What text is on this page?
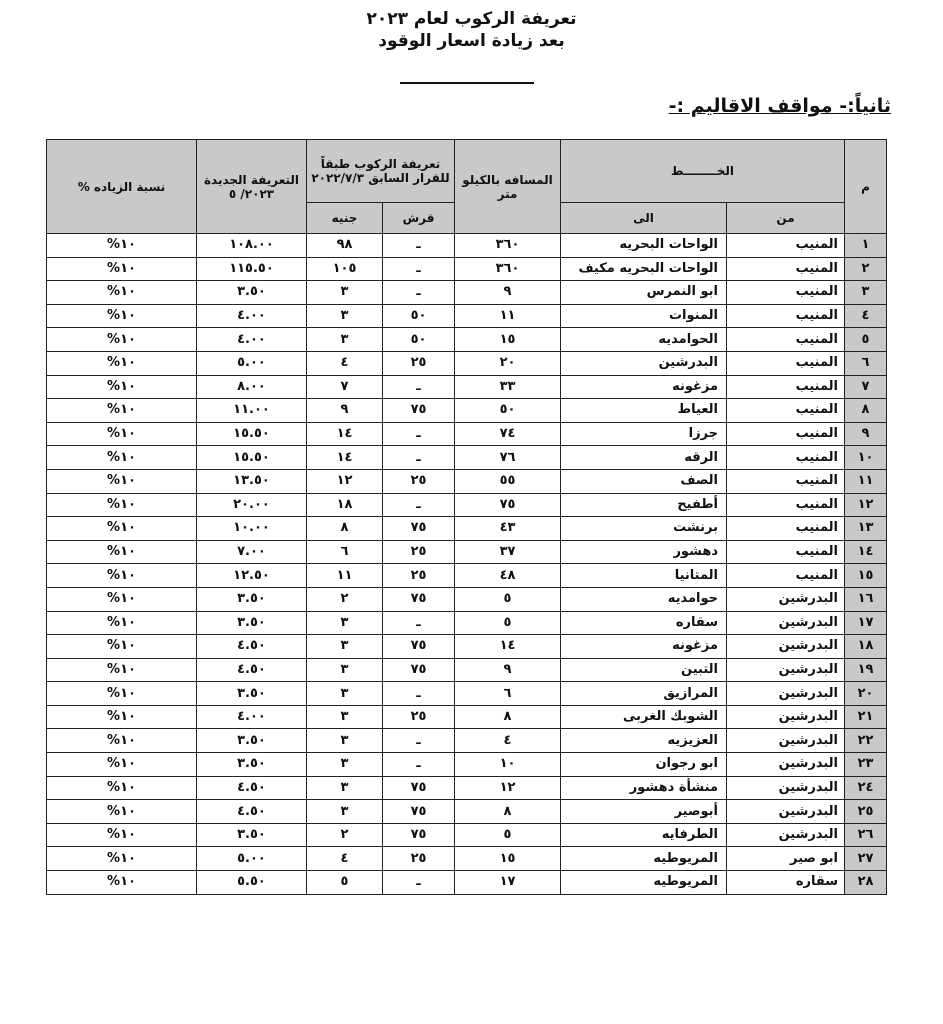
تعريفة الركوب لعام ٢٠٢٣
بعد زيادة اسعار الوقود
ثانياً:- مواقف الاقاليم :-
م	الخــــــــط		المسافه بالكيلو متر	تعريفة الركوب طبقاً للقرار السابق ٢٠٢٢/٧/٣		التعريفة الجديدة ٢٠٢٣/ ٥	نسبة الزياده %
	من	الى		قرش	جنيه		
١	المنيب	الواحات البحريه	٣٦٠	ـ	٩٨	١٠٨.٠٠	١٠%
٢	المنيب	الواحات البحريه مكيف	٣٦٠	ـ	١٠٥	١١٥.٥٠	١٠%
٣	المنيب	ابو النمرس	٩	ـ	٣	٣.٥٠	١٠%
٤	المنيب	المنوات	١١	٥٠	٣	٤.٠٠	١٠%
٥	المنيب	الحوامديه	١٥	٥٠	٣	٤.٠٠	١٠%
٦	المنيب	البدرشين	٢٠	٢٥	٤	٥.٠٠	١٠%
٧	المنيب	مزغونه	٣٣	ـ	٧	٨.٠٠	١٠%
٨	المنيب	العياط	٥٠	٧٥	٩	١١.٠٠	١٠%
٩	المنيب	جرزا	٧٤	ـ	١٤	١٥.٥٠	١٠%
١٠	المنيب	الرقه	٧٦	ـ	١٤	١٥.٥٠	١٠%
١١	المنيب	الصف	٥٥	٢٥	١٢	١٣.٥٠	١٠%
١٢	المنيب	أطفيح	٧٥	ـ	١٨	٢٠.٠٠	١٠%
١٣	المنيب	برنشت	٤٣	٧٥	٨	١٠.٠٠	١٠%
١٤	المنيب	دهشور	٣٧	٢٥	٦	٧.٠٠	١٠%
١٥	المنيب	المتانيا	٤٨	٢٥	١١	١٢.٥٠	١٠%
١٦	البدرشين	حوامديه	٥	٧٥	٢	٣.٥٠	١٠%
١٧	البدرشين	سقاره	٥	ـ	٣	٣.٥٠	١٠%
١٨	البدرشين	مزغونه	١٤	٧٥	٣	٤.٥٠	١٠%
١٩	البدرشين	التبين	٩	٧٥	٣	٤.٥٠	١٠%
٢٠	البدرشين	المرازيق	٦	ـ	٣	٣.٥٠	١٠%
٢١	البدرشين	الشوبك الغربى	٨	٢٥	٣	٤.٠٠	١٠%
٢٢	البدرشين	العزيزيه	٤	ـ	٣	٣.٥٠	١٠%
٢٣	البدرشين	ابو رجوان	١٠	ـ	٣	٣.٥٠	١٠%
٢٤	البدرشين	منشأة دهشور	١٢	٧٥	٣	٤.٥٠	١٠%
٢٥	البدرشين	أبوصير	٨	٧٥	٣	٤.٥٠	١٠%
٢٦	البدرشين	الطرفايه	٥	٧٥	٢	٣.٥٠	١٠%
٢٧	ابو صير	المريوطيه	١٥	٢٥	٤	٥.٠٠	١٠%
٢٨	سقاره	المريوطيه	١٧	ـ	٥	٥.٥٠	١٠%
